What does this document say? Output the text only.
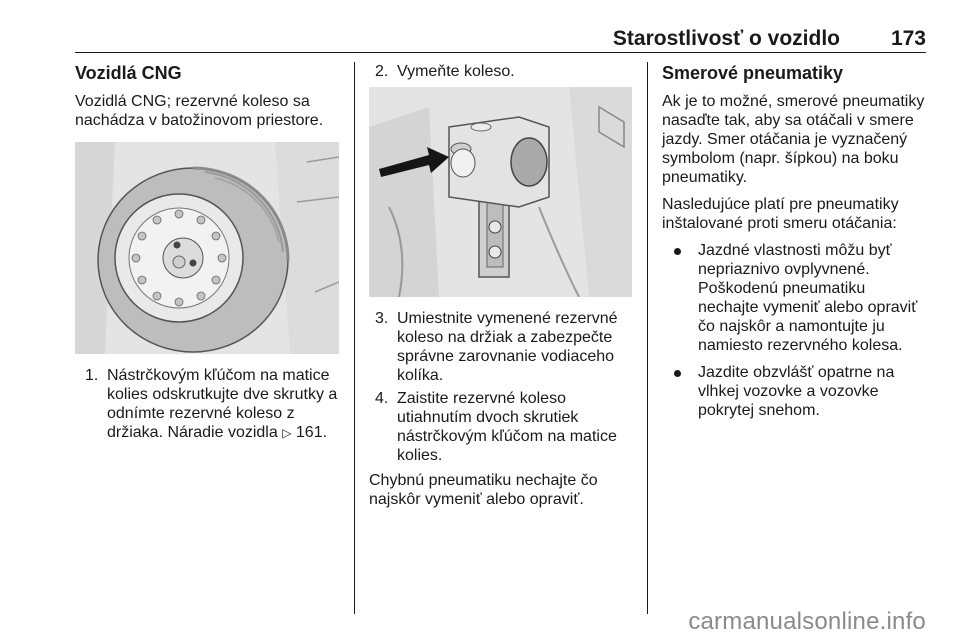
Starostlivosť o vozidlo 173
Vozidlá CNG

Vozidlá CNG; rezervné koleso sa nachádza v batožinovom priestore.

1. Nástrčkovým kľúčom na matice kolies odskrutkujte dve skrutky a odnímte rezervné koleso z držiaka. Náradie vozidla ▷ 161.
2. Vymeňte koleso.
3. Umiestnite vymenené rezervné koleso na držiak a zabezpečte správne zarovnanie vodiaceho kolíka.
4. Zaistite rezervné koleso utiahnutím dvoch skrutiek nástrčkovým kľúčom na matice kolies.

Chybnú pneumatiku nechajte čo najskôr vymeniť alebo opraviť.

Smerové pneumatiky

Ak je to možné, smerové pneumatiky nasaďte tak, aby sa otáčali v smere jazdy. Smer otáčania je vyznačený symbolom (napr. šípkou) na boku pneumatiky.

Nasledujúce platí pre pneumatiky inštalované proti smeru otáčania:

Jazdné vlastnosti môžu byť nepriaznivo ovplyvnené. Poškodenú pneumatiku nechajte vymeniť alebo opraviť čo najskôr a namontujte ju namiesto rezervného kolesa.
Jazdite obzvlášť opatrne na vlhkej vozovke a vozovke pokrytej snehom.
carmanualsonline.info
